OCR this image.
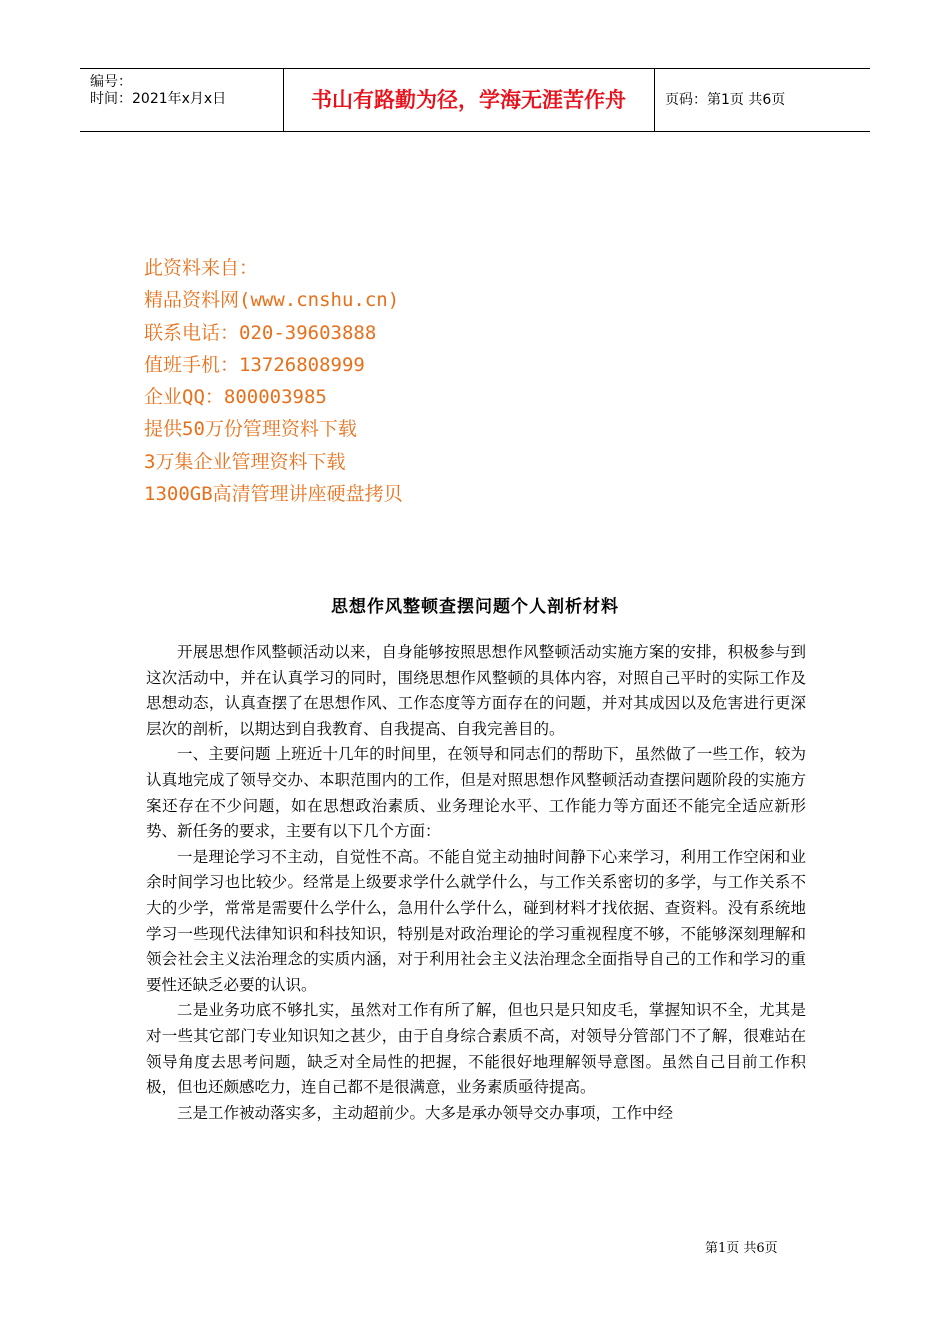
编号：
时间：2021年x月x日	书山有路勤为径，学海无涯苦作舟	页码：第1页 共6页
此资料来自：
精品资料网(www.cnshu.cn)
联系电话：020-39603888
值班手机：13726808999
企业QQ：800003985
提供50万份管理资料下载
3万集企业管理资料下载
1300GB高清管理讲座硬盘拷贝
思想作风整顿查摆问题个人剖析材料

开展思想作风整顿活动以来，自身能够按照思想作风整顿活动实施方案的安排，积极参与到这次活动中，并在认真学习的同时，围绕思想作风整顿的具体内容，对照自己平时的实际工作及思想动态，认真查摆了在思想作风、工作态度等方面存在的问题，并对其成因以及危害进行更深层次的剖析，以期达到自我教育、自我提高、自我完善目的。

一、主要问题 上班近十几年的时间里，在领导和同志们的帮助下，虽然做了一些工作，较为认真地完成了领导交办、本职范围内的工作，但是对照思想作风整顿活动查摆问题阶段的实施方案还存在不少问题，如在思想政治素质、业务理论水平、工作能力等方面还不能完全适应新形势、新任务的要求，主要有以下几个方面：

一是理论学习不主动，自觉性不高。不能自觉主动抽时间静下心来学习，利用工作空闲和业余时间学习也比较少。经常是上级要求学什么就学什么，与工作关系密切的多学，与工作关系不大的少学，常常是需要什么学什么，急用什么学什么，碰到材料才找依据、查资料。没有系统地学习一些现代法律知识和科技知识，特别是对政治理论的学习重视程度不够，不能够深刻理解和领会社会主义法治理念的实质内涵，对于利用社会主义法治理念全面指导自己的工作和学习的重要性还缺乏必要的认识。

二是业务功底不够扎实，虽然对工作有所了解，但也只是只知皮毛，掌握知识不全，尤其是对一些其它部门专业知识知之甚少，由于自身综合素质不高，对领导分管部门不了解，很难站在领导角度去思考问题，缺乏对全局性的把握，不能很好地理解领导意图。虽然自己目前工作积极，但也还颇感吃力，连自己都不是很满意，业务素质亟待提高。

三是工作被动落实多，主动超前少。大多是承办领导交办事项，工作中经

第1页 共6页
